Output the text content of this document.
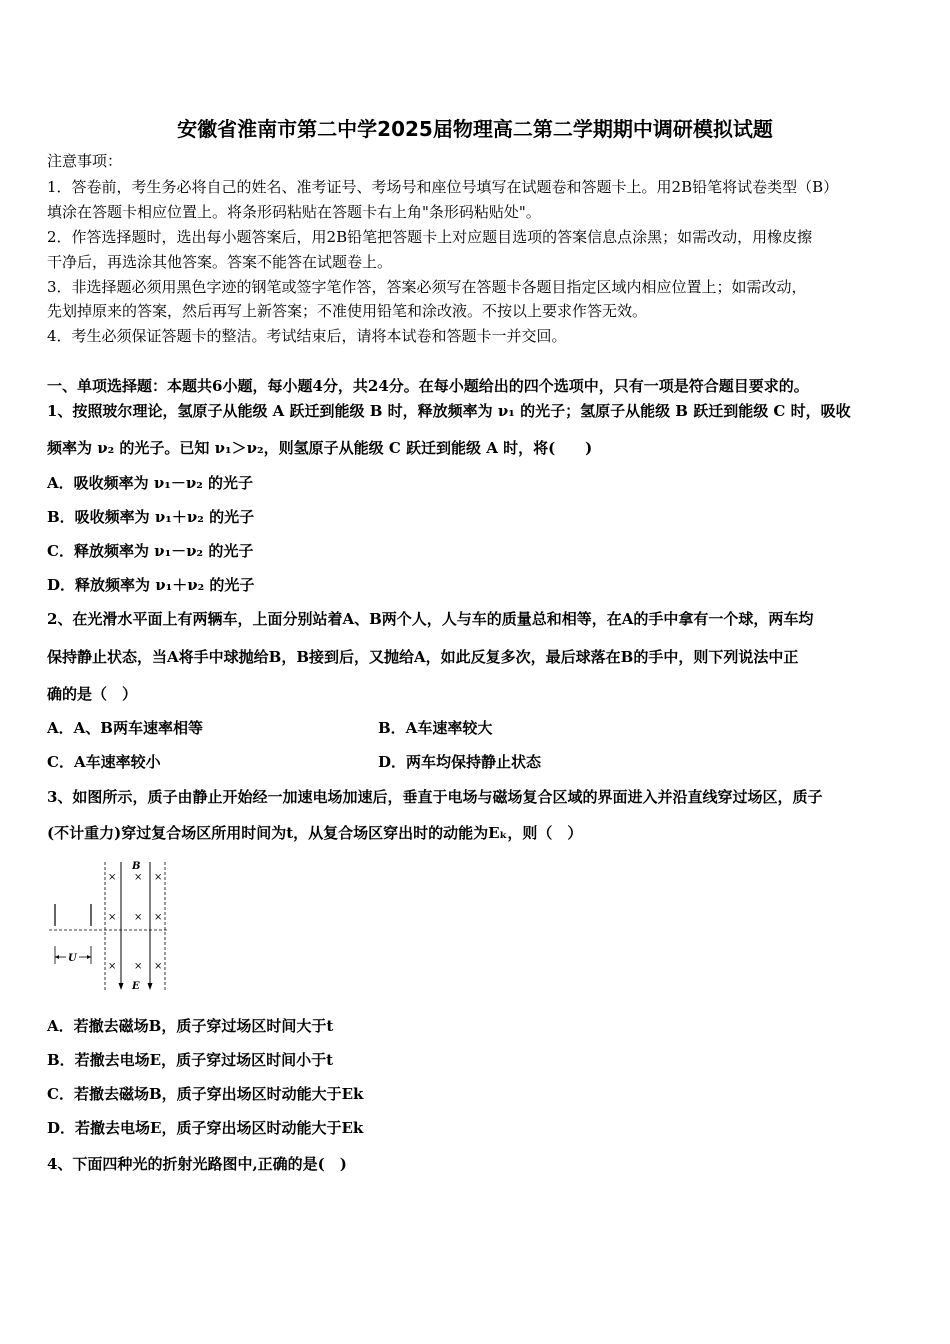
安徽省淮南市第二中学2025届物理高二第二学期期中调研模拟试题
注意事项：
1．答卷前，考生务必将自己的姓名、准考证号、考场号和座位号填写在试题卷和答题卡上。用2B铅笔将试卷类型（B）
填涂在答题卡相应位置上。将条形码粘贴在答题卡右上角"条形码粘贴处"。
2．作答选择题时，选出每小题答案后，用2B铅笔把答题卡上对应题目选项的答案信息点涂黑；如需改动，用橡皮擦
干净后，再选涂其他答案。答案不能答在试题卷上。
3．非选择题必须用黑色字迹的钢笔或签字笔作答，答案必须写在答题卡各题目指定区域内相应位置上；如需改动，
先划掉原来的答案，然后再写上新答案；不准使用铅笔和涂改液。不按以上要求作答无效。
4．考生必须保证答题卡的整洁。考试结束后，请将本试卷和答题卡一并交回。
一、单项选择题：本题共6小题，每小题4分，共24分。在每小题给出的四个选项中，只有一项是符合题目要求的。
1、按照玻尔理论，氢原子从能级 A 跃迁到能级 B 时，释放频率为 ν₁ 的光子；氢原子从能级 B 跃迁到能级 C 时，吸收
频率为 ν₂ 的光子。已知 ν₁＞ν₂，则氢原子从能级 C 跃迁到能级 A 时，将(　　)
A．吸收频率为 ν₁－ν₂ 的光子
B．吸收频率为 ν₁＋ν₂ 的光子
C．释放频率为 ν₁－ν₂ 的光子
D．释放频率为 ν₁＋ν₂ 的光子
2、在光滑水平面上有两辆车，上面分别站着A、B两个人，人与车的质量总和相等，在A的手中拿有一个球，两车均
保持静止状态，当A将手中球抛给B，B接到后，又抛给A，如此反复多次，最后球落在B的手中，则下列说法中正
确的是（　）
A．A、B两车速率相等	B．A车速率较大
C．A车速率较小	D．两车均保持静止状态
3、如图所示，质子由静止开始经一加速电场加速后，垂直于电场与磁场复合区域的界面进入并沿直线穿过场区，质子
(不计重力)穿过复合场区所用时间为t，从复合场区穿出时的动能为Eₖ，则（　）
U
× × ×
× × ×
× × ×
B
E
A．若撤去磁场B，质子穿过场区时间大于t
B．若撤去电场E，质子穿过场区时间小于t
C．若撤去磁场B，质子穿出场区时动能大于Ek
D．若撤去电场E，质子穿出场区时动能大于Ek
4、下面四种光的折射光路图中,正确的是(　)
